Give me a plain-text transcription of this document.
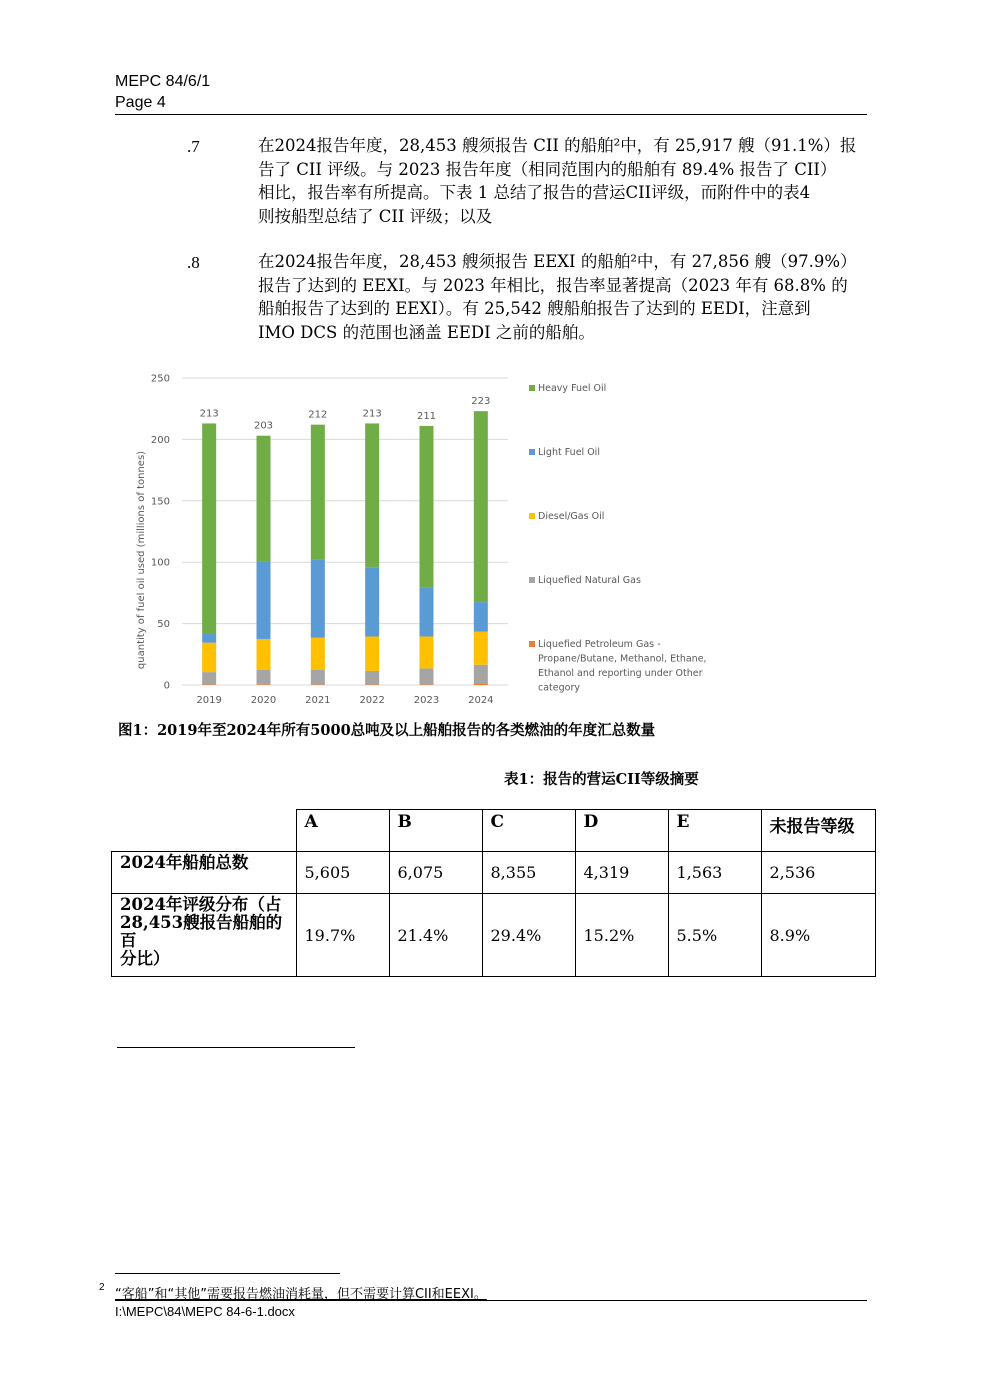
MEPC 84/6/1
Page 4
.7	在2024报告年度，28,453 艘须报告 CII 的船舶²中，有 25,917 艘（91.1%）报
告了 CII 评级。与 2023 报告年度（相同范围内的船舶有 89.4% 报告了 CII）
相比，报告率有所提高。下表 1 总结了报告的营运CII评级，而附件中的表4
则按船型总结了 CII 评级；以及
.8	在2024报告年度，28,453 艘须报告 EEXI 的船舶²中，有 27,856 艘（97.9%）
报告了达到的 EEXI。与 2023 年相比，报告率显著提高（2023 年有 68.8% 的
船舶报告了达到的 EEXI）。有 25,542 艘船舶报告了达到的 EEDI，注意到
IMO DCS 的范围也涵盖 EEDI 之前的船舶。
quantity of fuel oil used (millions of tonnes)
0
50
100
150
200
250
213
2019
203
2020
212
2021
213
2022
211
2023
223
2024
Heavy Fuel Oil
Light Fuel Oil
Diesel/Gas Oil
Liquefied Natural Gas
Liquefied Petroleum Gas -
Propane/Butane, Methanol, Ethane,
Ethanol and reporting under Other
category
图1：2019年至2024年所有5000总吨及以上船舶报告的各类燃油的年度汇总数量
表1：报告的营运CII等级摘要
	A	B	C	D	E	未报告等级
2024年船舶总数	5,605	6,075	8,355	4,319	1,563	2,536

2024年评级分布（占
28,453艘报告船舶的百
分比）	19.7%	21.4%	29.4%	15.2%	5.5%	8.9%
2 “客船”和“其他”需要报告燃油消耗量，但不需要计算CII和EEXI。
I:\MEPC\84\MEPC 84-6-1.docx
